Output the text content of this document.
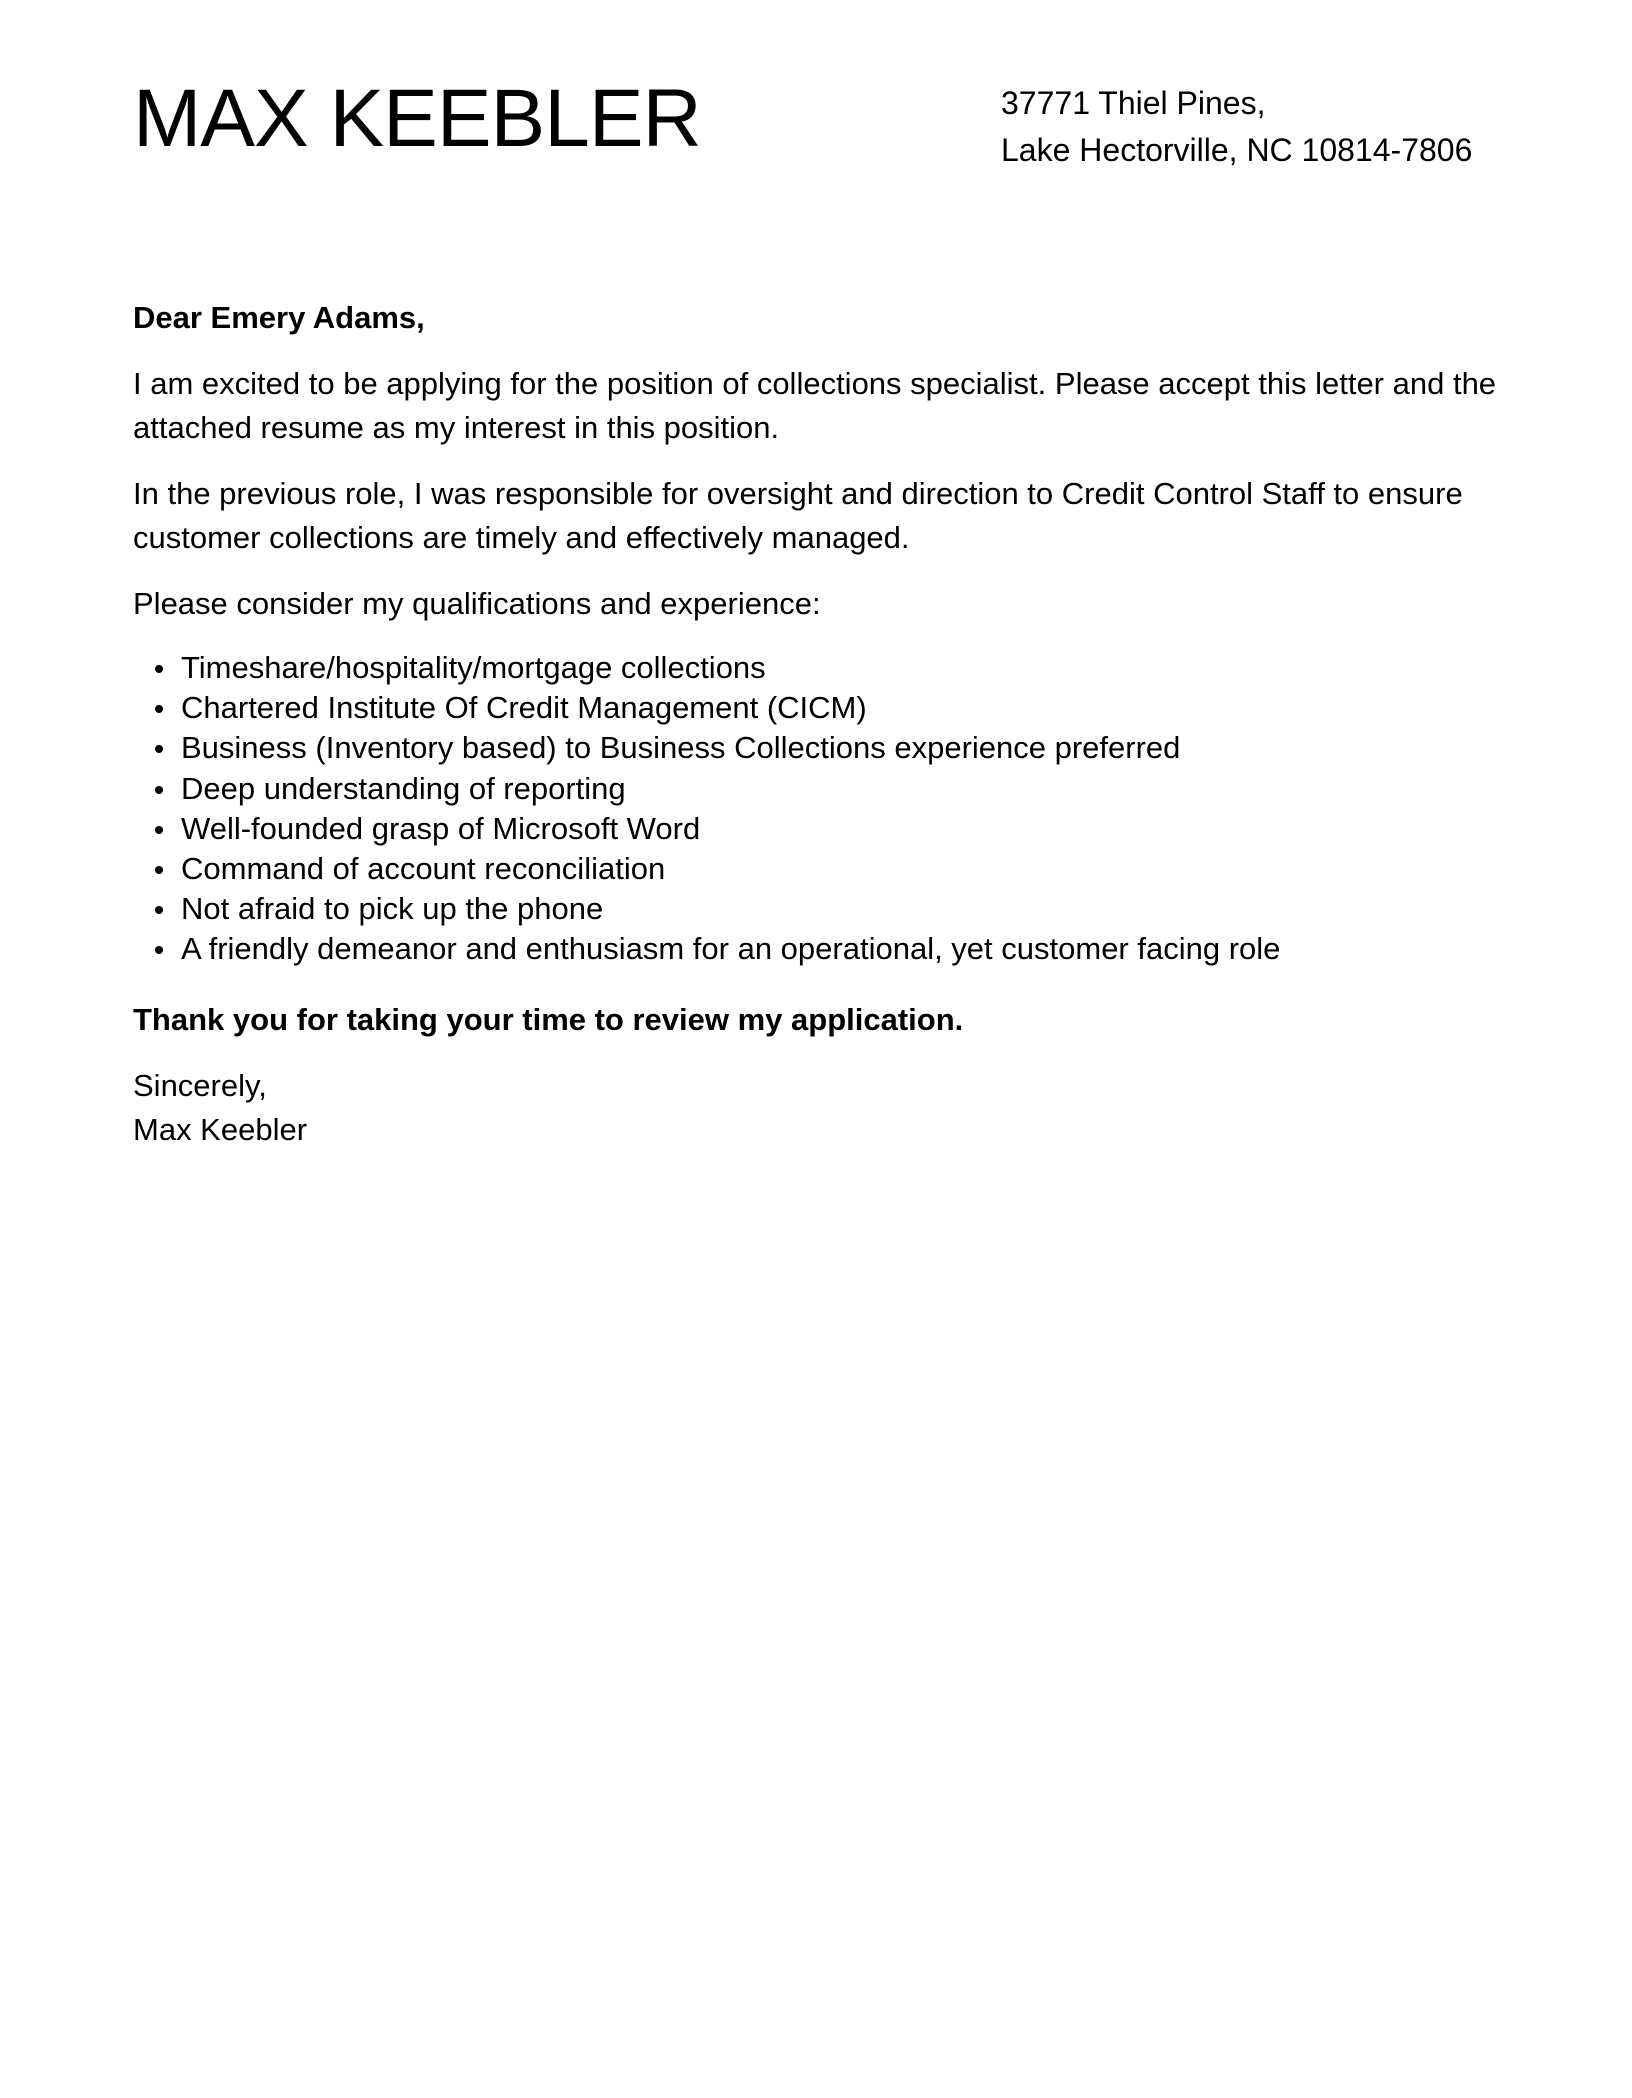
MAX KEEBLER	37771 Thiel Pines,
Lake Hectorville, NC 10814-7806

Dear Emery Adams,

I am excited to be applying for the position of collections specialist. Please accept this letter and the attached resume as my interest in this position.

In the previous role, I was responsible for oversight and direction to Credit Control Staff to ensure customer collections are timely and effectively managed.

Please consider my qualifications and experience:

Timeshare/hospitality/mortgage collections
Chartered Institute Of Credit Management (CICM)
Business (Inventory based) to Business Collections experience preferred
Deep understanding of reporting
Well-founded grasp of Microsoft Word
Command of account reconciliation
Not afraid to pick up the phone
A friendly demeanor and enthusiasm for an operational, yet customer facing role

Thank you for taking your time to review my application.

Sincerely,
Max Keebler
